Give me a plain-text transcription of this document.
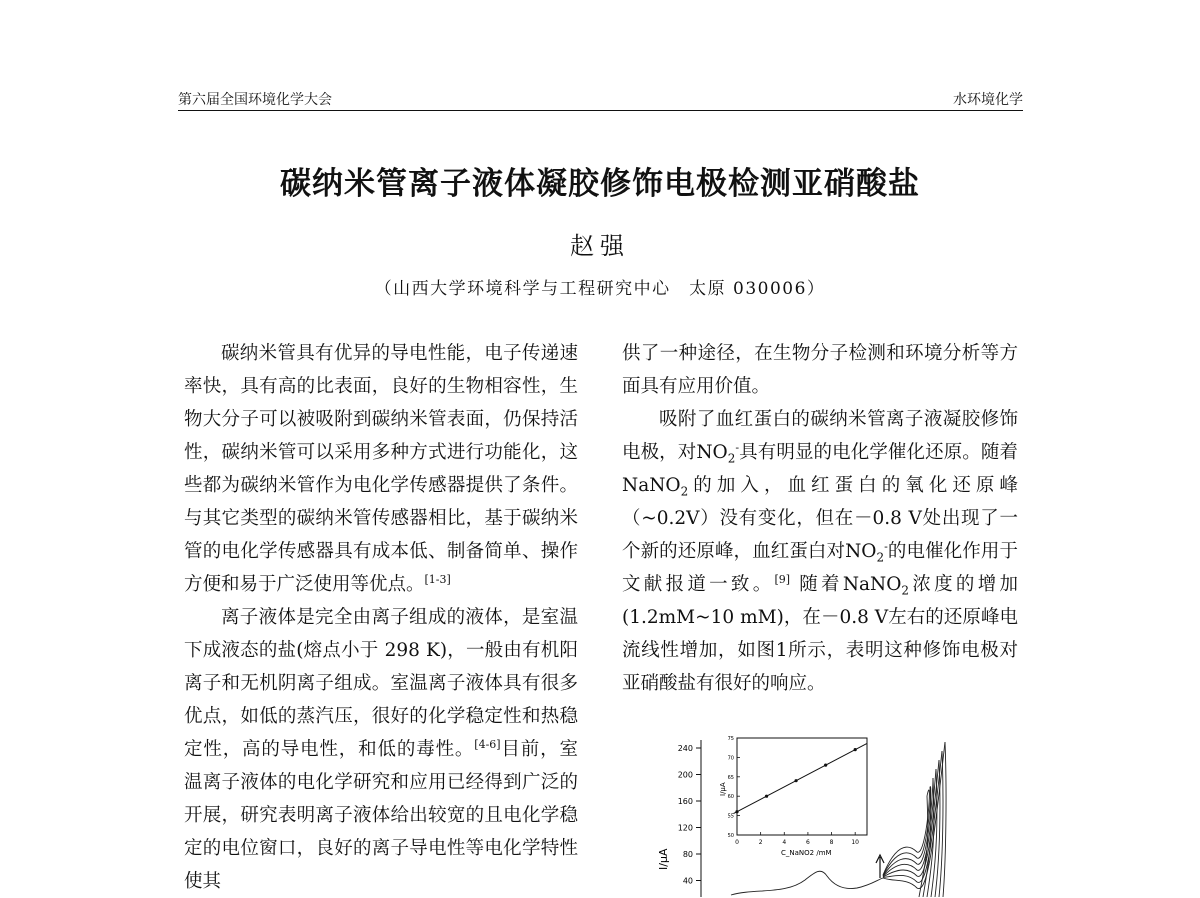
第六届全国环境化学大会	水环境化学
碳纳米管离子液体凝胶修饰电极检测亚硝酸盐
赵强
（山西大学环境科学与工程研究中心　太原 030006）

碳纳米管具有优异的导电性能，电子传递速率快，具有高的比表面，良好的生物相容性，生物大分子可以被吸附到碳纳米管表面，仍保持活性，碳纳米管可以采用多种方式进行功能化，这些都为碳纳米管作为电化学传感器提供了条件。与其它类型的碳纳米管传感器相比，基于碳纳米管的电化学传感器具有成本低、制备简单、操作方便和易于广泛使用等优点。[1-3]

离子液体是完全由离子组成的液体，是室温下成液态的盐(熔点小于 298 K)，一般由有机阳离子和无机阴离子组成。室温离子液体具有很多优点，如低的蒸汽压，很好的化学稳定性和热稳定性，高的导电性，和低的毒性。[4-6]目前，室温离子液体的电化学研究和应用已经得到广泛的开展，研究表明离子液体给出较宽的且电化学稳定的电位窗口，良好的离子导电性等电化学特性使其

供了一种途径，在生物分子检测和环境分析等方面具有应用价值。

吸附了血红蛋白的碳纳米管离子液凝胶修饰电极，对$NO_2^-$具有明显的电化学催化还原。随着NaNO$_2$的加入，血红蛋白的氧化还原峰（~0.2V）没有变化，但在－0.8 V处出现了一个新的还原峰，血红蛋白对$NO_2^-$的电催化作用于文献报道一致。[9] 随着NaNO$_2$浓度的增加(1.2mM~10 mM)，在－0.8 V左右的还原峰电流线性增加，如图1所示，表明这种修饰电极对亚硝酸盐有很好的响应。

240
200
160
120
80
40
I/μA
0	2	4	6	8	10
75
70
65
60
55
50
I/μA
C_NaNO2 /mM
